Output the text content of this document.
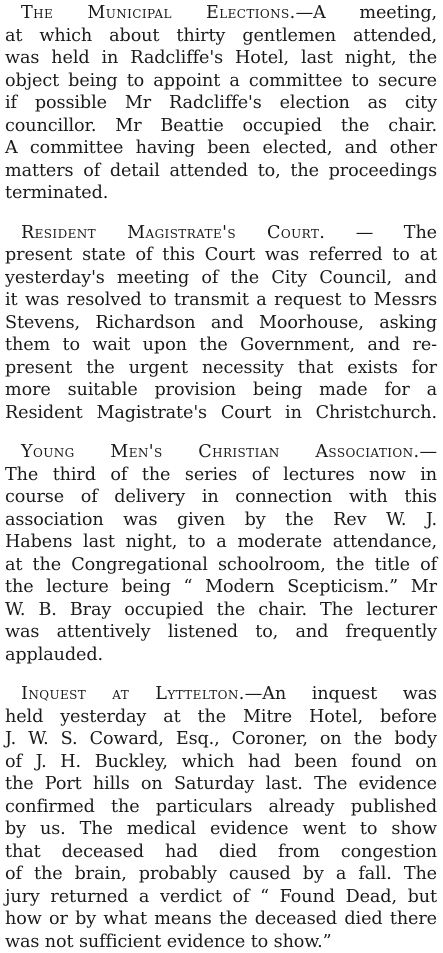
The Municipal Elections.—A meeting,
at which about thirty gentlemen attended,
was held in Radcliffe's Hotel, last night, the
object being to appoint a committee to secure
if possible Mr Radcliffe's election as city
councillor. Mr Beattie occupied the chair.
A committee having been elected, and other
matters of detail attended to, the proceedings
terminated.
Resident Magistrate's Court. — The
present state of this Court was referred to at
yesterday's meeting of the City Council, and
it was resolved to transmit a request to Messrs
Stevens, Richardson and Moorhouse, asking
them to wait upon the Government, and re-
present the urgent necessity that exists for
more suitable provision being made for a
Resident Magistrate's Court in Christchurch.
Young Men's Christian Association.—
The third of the series of lectures now in
course of delivery in connection with this
association was given by the Rev W. J.
Habens last night, to a moderate attendance,
at the Congregational schoolroom, the title of
the lecture being “ Modern Scepticism.” Mr
W. B. Bray occupied the chair. The lecturer
was attentively listened to, and frequently
applauded.
Inquest at Lyttelton.—An inquest was
held yesterday at the Mitre Hotel, before
J. W. S. Coward, Esq., Coroner, on the body
of J. H. Buckley, which had been found on
the Port hills on Saturday last. The evidence
confirmed the particulars already published
by us. The medical evidence went to show
that deceased had died from congestion
of the brain, probably caused by a fall. The
jury returned a verdict of “ Found Dead, but
how or by what means the deceased died there
was not sufficient evidence to show.”
